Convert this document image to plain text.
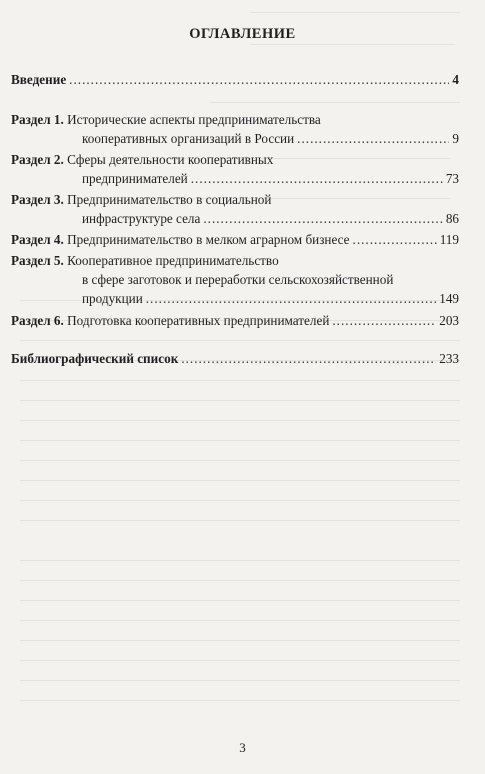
ОГЛАВЛЕНИЕ
Введение .....	4
Раздел 1. Исторические аспекты предпринимательства
кооперативных организаций в России .....	9
Раздел 2. Сферы деятельности кооперативных
предпринимателей .....	73
Раздел 3. Предпринимательство в социальной
инфраструктуре села .....	86
Раздел 4. Предпринимательство в мелком аграрном бизнесе .....	119
Раздел 5. Кооперативное предпринимательство
в сфере заготовок и переработки сельскохозяйственной
продукции .....	149
Раздел 6. Подготовка кооперативных предпринимателей .....	203
Библиографический список .....	233
3
